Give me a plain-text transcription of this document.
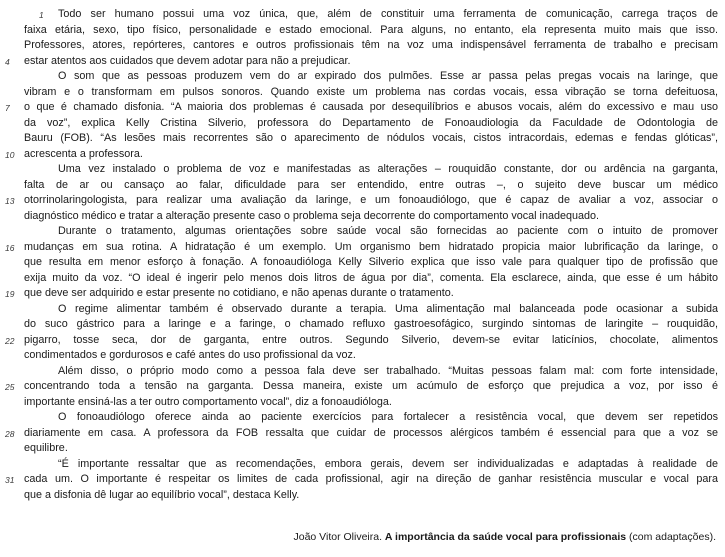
1 Todo ser humano possui uma voz única, que, além de constituir uma ferramenta de comunicação, carrega traços de
faixa etária, sexo, tipo físico, personalidade e estado emocional. Para alguns, no entanto, ela representa muito mais que isso.
Professores, atores, repórteres, cantores e outros profissionais têm na voz uma indispensável ferramenta de trabalho e precisam
4	estar atentos aos cuidados que devem adotar para não a prejudicar.
O som que as pessoas produzem vem do ar expirado dos pulmões. Esse ar passa pelas pregas vocais na laringe, que
vibram e o transformam em pulsos sonoros. Quando existe um problema nas cordas vocais, essa vibração se torna defeituosa,
7	o que é chamado disfonia. “A maioria dos problemas é causada por desequilíbrios e abusos vocais, além do excessivo e mau uso
da voz”, explica Kelly Cristina Silverio, professora do Departamento de Fonoaudiologia da Faculdade de Odontologia de
Bauru (FOB). “As lesões mais recorrentes são o aparecimento de nódulos vocais, cistos intracordais, edemas e fendas glóticas”,
10 acrescenta a professora.
Uma vez instalado o problema de voz e manifestadas as alterações – rouquidão constante, dor ou ardência na garganta,
falta de ar ou cansaço ao falar, dificuldade para ser entendido, entre outras –, o sujeito deve buscar um médico
13 otorrinolaringologista, para realizar uma avaliação da laringe, e um fonoaudiólogo, que é capaz de avaliar a voz, associar o
diagnóstico médico e tratar a alteração presente caso o problema seja decorrente do comportamento vocal inadequado.
Durante o tratamento, algumas orientações sobre saúde vocal são fornecidas ao paciente com o intuito de promover
16 mudanças em sua rotina. A hidratação é um exemplo. Um organismo bem hidratado propicia maior lubrificação da laringe, o
que resulta em menor esforço à fonação. A fonoaudióloga Kelly Silverio explica que isso vale para qualquer tipo de profissão que
exija muito da voz. “O ideal é ingerir pelo menos dois litros de água por dia”, comenta. Ela esclarece, ainda, que esse é um hábito
19 que deve ser adquirido e estar presente no cotidiano, e não apenas durante o tratamento.
O regime alimentar também é observado durante a terapia. Uma alimentação mal balanceada pode ocasionar a subida
do suco gástrico para a laringe e a faringe, o chamado refluxo gastroesofágico, surgindo sintomas de laringite – rouquidão,
22 pigarro, tosse seca, dor de garganta, entre outros. Segundo Silverio, devem-se evitar laticínios, chocolate, alimentos
condimentados e gordurosos e café antes do uso profissional da voz.
Além disso, o próprio modo como a pessoa fala deve ser trabalhado. “Muitas pessoas falam mal: com forte intensidade,
25 concentrando toda a tensão na garganta. Dessa maneira, existe um acúmulo de esforço que prejudica a voz, por isso é
importante ensiná-las a ter outro comportamento vocal”, diz a fonoaudióloga.
O fonoaudiólogo oferece ainda ao paciente exercícios para fortalecer a resistência vocal, que devem ser repetidos
28 diariamente em casa. A professora da FOB ressalta que cuidar de processos alérgicos também é essencial para que a voz se
equilibre.
“É importante ressaltar que as recomendações, embora gerais, devem ser individualizadas e adaptadas à realidade de
31 cada um. O importante é respeitar os limites de cada profissional, agir na direção de ganhar resistência muscular e vocal para
que a disfonia dê lugar ao equilíbrio vocal”, destaca Kelly.
João Vitor Oliveira. A importância da saúde vocal para profissionais (com adaptações).
